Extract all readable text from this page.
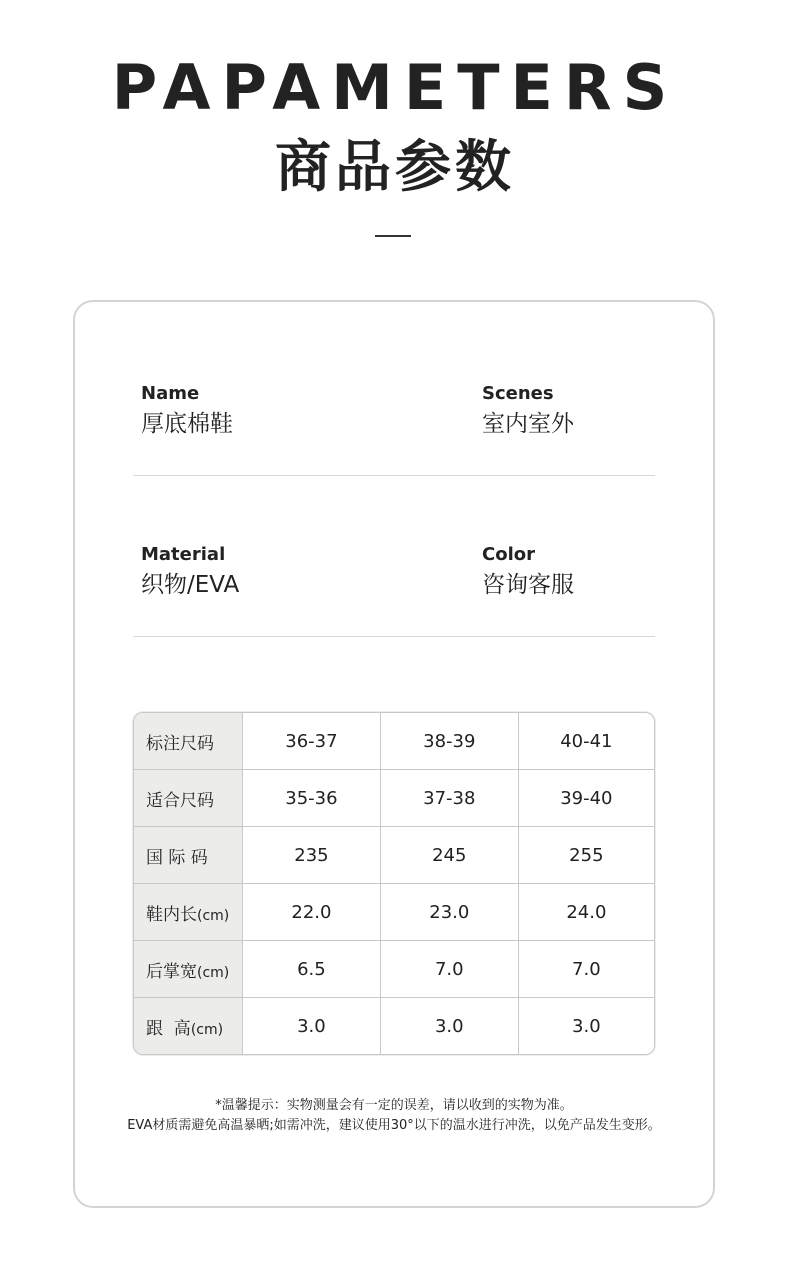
PAPAMETERS
商品参数
Name
厚底棉鞋
Scenes
室内室外
Material
织物/EVA
Color
咨询客服
标注尺码	36-37	38-39	40-41
适合尺码	35-36	37-38	39-40
国 际 码	235	245	255
鞋内长(cm)	22.0	23.0	24.0
后掌宽(cm)	6.5	7.0	7.0
跟  高(cm)	3.0	3.0	3.0
*温馨提示：实物测量会有一定的误差，请以收到的实物为准。
EVA材质需避免高温暴晒;如需冲洗，建议使用30°以下的温水进行冲洗，以免产品发生变形。
